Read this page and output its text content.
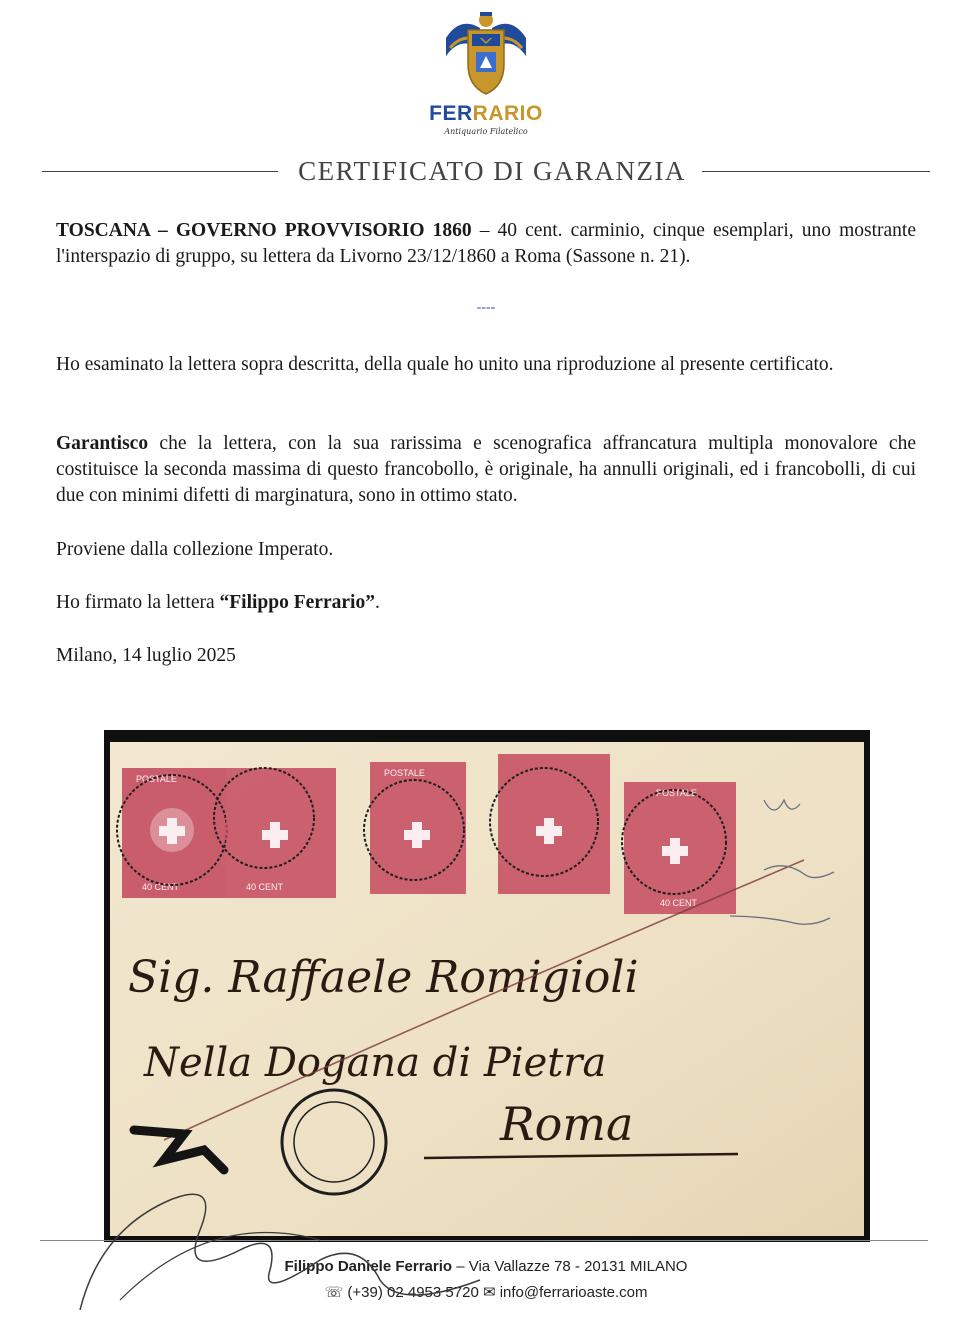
FERRARIO
Antiquario Filatelico
CERTIFICATO DI GARANZIA
TOSCANA – GOVERNO PROVVISORIO 1860 – 40 cent. carminio, cinque esemplari, uno mostrante l'interspazio di gruppo, su lettera da Livorno 23/12/1860 a Roma (Sassone n. 21).
----
Ho esaminato la lettera sopra descritta, della quale ho unito una riproduzione al presente certificato.
Garantisco che la lettera, con la sua rarissima e scenografica affrancatura multipla monovalore che costituisce la seconda massima di questo francobollo, è originale, ha annulli originali, ed i francobolli, di cui due con minimi difetti di marginatura, sono in ottimo stato.
Proviene dalla collezione Imperato.
Ho firmato la lettera “Filippo Ferrario”.
Milano, 14 luglio 2025
POSTALE
40 CENT	40 CENT
POSTALE
POSTALE
40 CENT
Sig. Raffaele Romigioli
Nella Dogana di Pietra
Roma
Filippo Daniele Ferrario – Via Vallazze 78 - 20131 MILANO
☏ (+39) 02 4953 5720 ✉ info@ferrarioaste.com
